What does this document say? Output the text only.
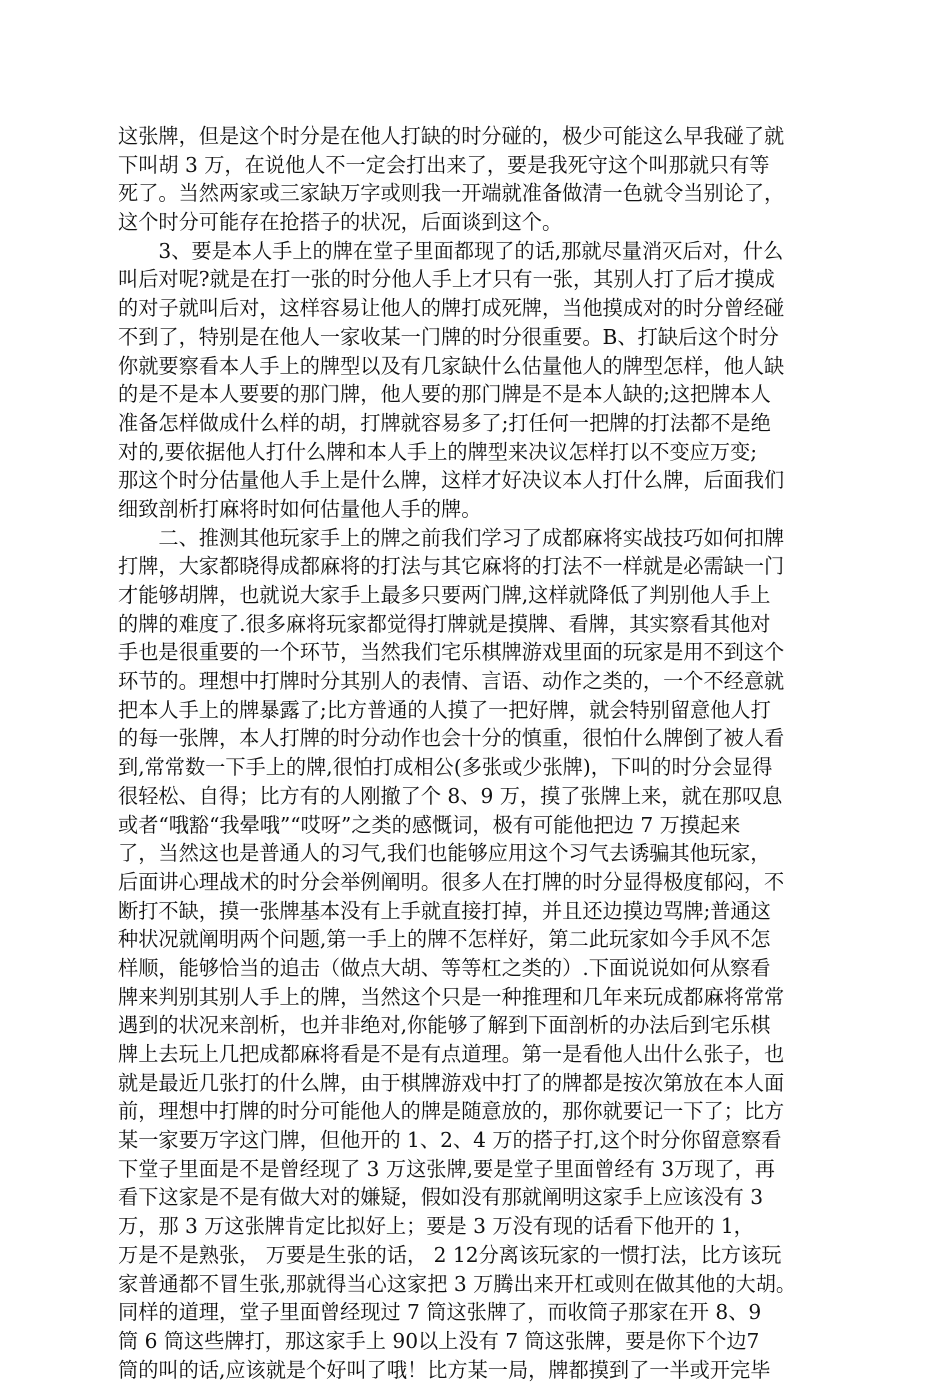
这张牌，但是这个时分是在他人打缺的时分碰的，极少可能这么早我碰了就
下叫胡 3 万，在说他人不一定会打出来了，要是我死守这个叫那就只有等
死了。当然两家或三家缺万字或则我一开端就准备做清一色就令当别论了，
这个时分可能存在抢搭子的状况，后面谈到这个。
　　3、要是本人手上的牌在堂子里面都现了的话,那就尽量消灭后对，什么
叫后对呢?就是在打一张的时分他人手上才只有一张，其别人打了后才摸成
的对子就叫后对，这样容易让他人的牌打成死牌，当他摸成对的时分曾经碰
不到了，特别是在他人一家收某一门牌的时分很重要。B、打缺后这个时分
你就要察看本人手上的牌型以及有几家缺什么估量他人的牌型怎样，他人缺
的是不是本人要要的那门牌，他人要的那门牌是不是本人缺的;这把牌本人
准备怎样做成什么样的胡，打牌就容易多了;打任何一把牌的打法都不是绝
对的,要依据他人打什么牌和本人手上的牌型来决议怎样打以不变应万变;
那这个时分估量他人手上是什么牌，这样才好决议本人打什么牌，后面我们
细致剖析打麻将时如何估量他人手的牌。
　　二、推测其他玩家手上的牌之前我们学习了成都麻将实战技巧如何扣牌
打牌，大家都晓得成都麻将的打法与其它麻将的打法不一样就是必需缺一门
才能够胡牌，也就说大家手上最多只要两门牌,这样就降低了判别他人手上
的牌的难度了.很多麻将玩家都觉得打牌就是摸牌、看牌，其实察看其他对
手也是很重要的一个环节，当然我们宅乐棋牌游戏里面的玩家是用不到这个
环节的。理想中打牌时分其别人的表情、言语、动作之类的，一个不经意就
把本人手上的牌暴露了;比方普通的人摸了一把好牌，就会特别留意他人打
的每一张牌，本人打牌的时分动作也会十分的慎重，很怕什么牌倒了被人看
到,常常数一下手上的牌,很怕打成相公(多张或少张牌)，下叫的时分会显得
很轻松、自得；比方有的人刚撤了个 8、9 万，摸了张牌上来，就在那叹息
或者“哦豁“我晕哦”“哎呀”之类的感慨词，极有可能他把边 7 万摸起来
了，当然这也是普通人的习气,我们也能够应用这个习气去诱骗其他玩家，
后面讲心理战术的时分会举例阐明。很多人在打牌的时分显得极度郁闷，不
断打不缺，摸一张牌基本没有上手就直接打掉，并且还边摸边骂牌;普通这
种状况就阐明两个问题,第一手上的牌不怎样好，第二此玩家如今手风不怎
样顺，能够恰当的追击（做点大胡、等等杠之类的）.下面说说如何从察看
牌来判别其别人手上的牌，当然这个只是一种推理和几年来玩成都麻将常常
遇到的状况来剖析，也并非绝对,你能够了解到下面剖析的办法后到宅乐棋
牌上去玩上几把成都麻将看是不是有点道理。第一是看他人出什么张子，也
就是最近几张打的什么牌，由于棋牌游戏中打了的牌都是按次第放在本人面
前，理想中打牌的时分可能他人的牌是随意放的，那你就要记一下了；比方
某一家要万字这门牌，但他开的 1、2、4 万的搭子打,这个时分你留意察看
下堂子里面是不是曾经现了 3 万这张牌,要是堂子里面曾经有 3万现了，再
看下这家是不是有做大对的嫌疑，假如没有那就阐明这家手上应该没有 3
万，那 3 万这张牌肯定比拟好上；要是 3 万没有现的话看下他开的 1，
万是不是熟张， 万要是生张的话， 2 12分离该玩家的一惯打法，比方该玩
家普通都不冒生张,那就得当心这家把 3 万腾出来开杠或则在做其他的大胡。
同样的道理，堂子里面曾经现过 7 筒这张牌了，而收筒子那家在开 8、9
筒 6 筒这些牌打，那这家手上 90以上没有 7 筒这张牌，要是你下个边7
筒的叫的话,应该就是个好叫了哦！比方某一局，牌都摸到了一半或开完毕
